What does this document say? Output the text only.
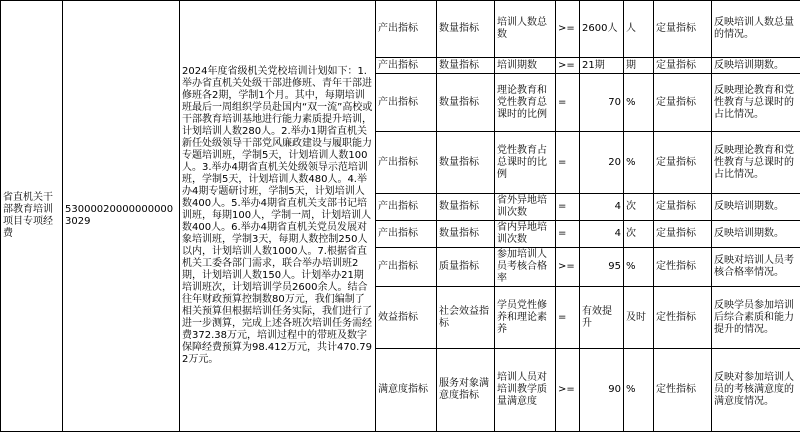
省直机关干部教育培训项目专项经费	530000200000000003029	2024年度省级机关党校培训计划如下：1.举办省直机关处级干部进修班、青年干部进修班各2期，学制1个月。其中，每期培训班最后一周组织学员赴国内“双一流”高校或干部教育培训基地进行能力素质提升培训，计划培训人数280人。2.举办1期省直机关新任处级领导干部党风廉政建设与履职能力专题培训班，学制5天，计划培训人数100人。3.举办4期省直机关处级领导示范培训班，学制5天，计划培训人数480人。4.举办4期专题研讨班，学制5天，计划培训人数400人。5.举办4期省直机关支部书记培训班，每期100人，学制一周，计划培训人数400人。6.举办4期省直机关党员发展对象培训班，学制3天，每期人数控制250人以内，计划培训人数1000人。7.根据省直机关工委各部门需求，联合举办培训班2期，计划培训人数150人。计划举办21期培训班次，计划培训学员2600余人。结合往年财政预算控制数80万元，我们编制了相关预算但根据培训任务实际，我们进行了进一步测算，完成上述各班次培训任务需经费372.38万元，培训过程中的带班及数字保障经费预算为98.412万元，共计470.792万元。	产出指标	数量指标	培训人数总数	>=	2600人	人	定量指标	反映培训人数总量的情况。
			产出指标	数量指标	培训期数	>=	21期	期	定量指标	反映培训期数。
			产出指标	数量指标	理论教育和党性教育总课时的比例	=	70	%	定量指标	反映理论教育和党性教育与总课时的占比情况。
			产出指标	数量指标	党性教育占总课时的比例	=	20	%	定量指标	反映理论教育和党性教育与总课时的占比情况。
			产出指标	数量指标	省外异地培训次数	=	4	次	定量指标	反映培训期数。
			产出指标	数量指标	省内异地培训次数	=	4	次	定量指标	反映培训期数。
			产出指标	质量指标	参加培训人员考核合格率	>=	95	%	定性指标	反映对培训人员考核合格率情况。
			效益指标	社会效益指标	学员党性修养和理论素养	=	有效提升	及时	定性指标	反映学员参加培训后综合素质和能力提升的情况。
			满意度指标	服务对象满意度指标	培训人员对培训教学质量满意度	>=	90	%	定性指标	反映对参加培训人员的考核满意度的满意度情况。
